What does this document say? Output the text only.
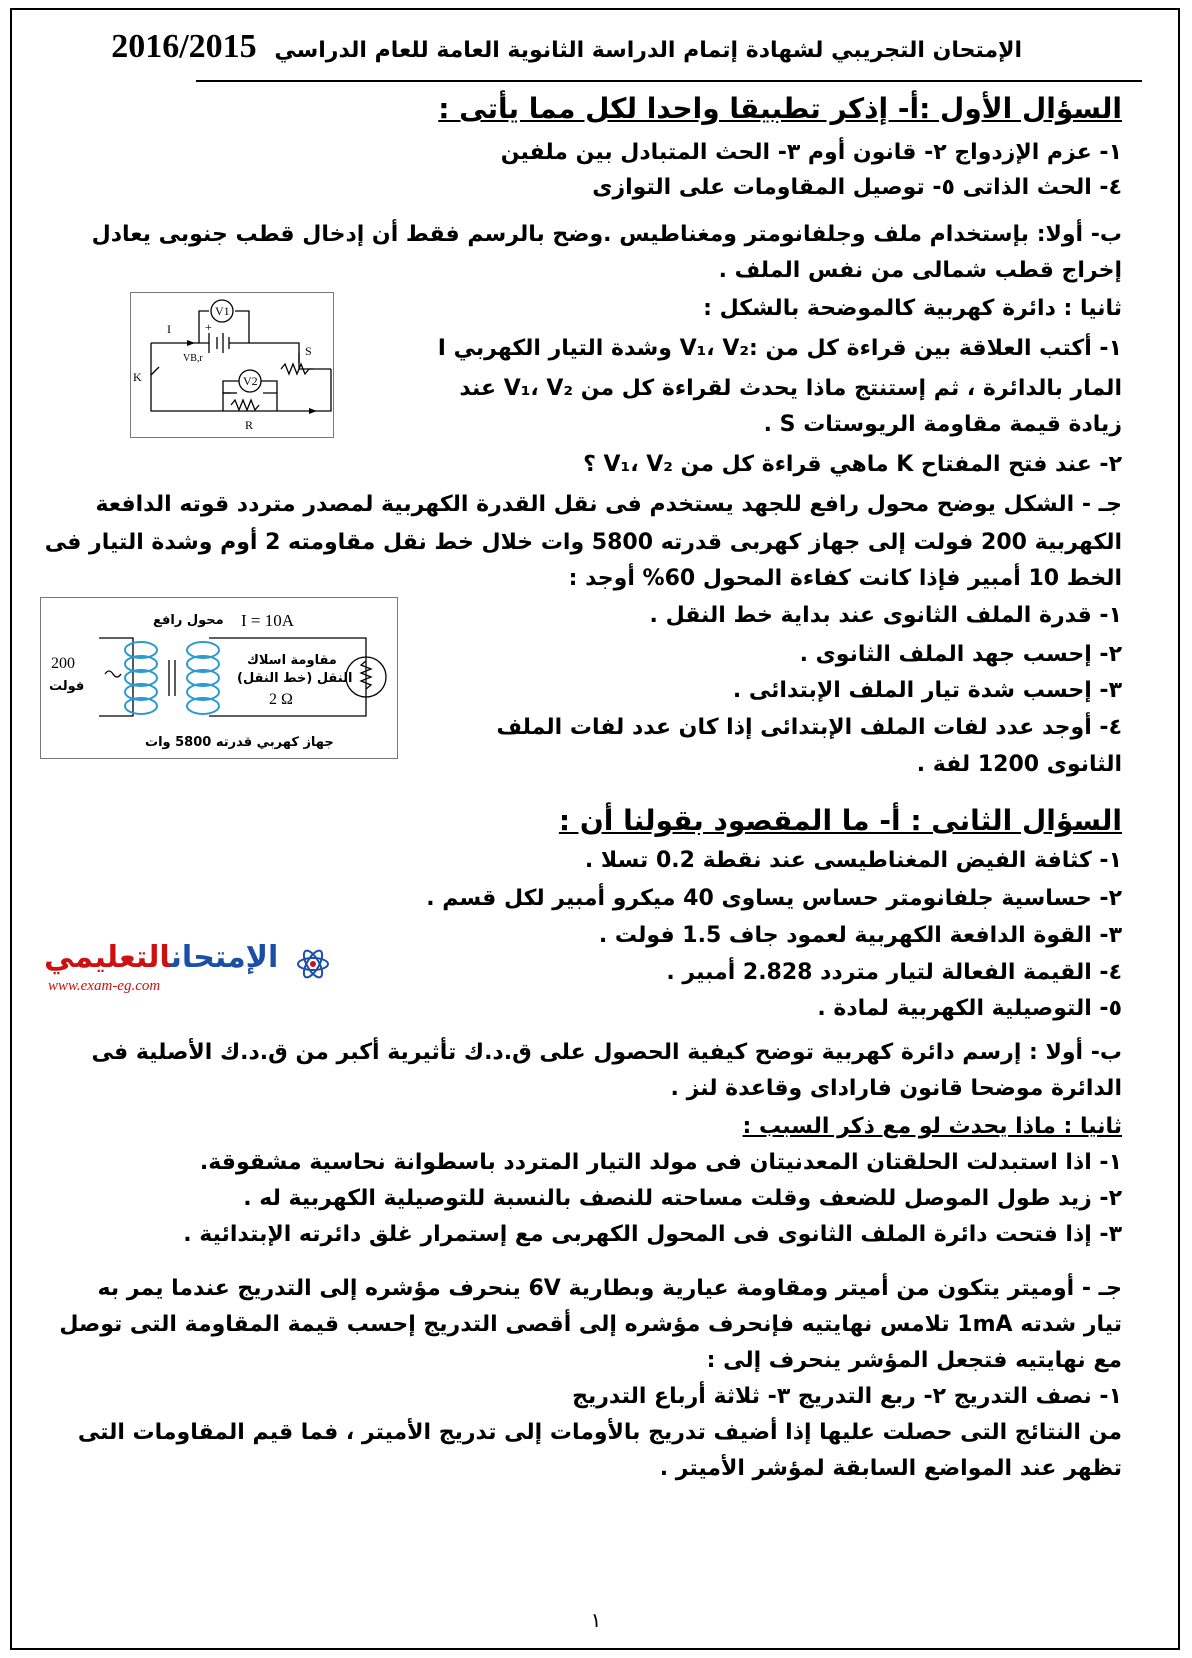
الإمتحان التجريبي لشهادة إتمام الدراسة الثانوية العامة للعام الدراسي 2016/2015
السؤال الأول :أ- إذكر تطبيقا واحدا لكل مما يأتى :
١- عزم الإزدواج ٢- قانون أوم ٣- الحث المتبادل بين ملفين
٤- الحث الذاتى ٥- توصيل المقاومات على التوازى
ب- أولا: بإستخدام ملف وجلفانومتر ومغناطيس .وضح بالرسم فقط أن إدخال قطب جنوبى يعادل
إخراج قطب شمالى من نفس الملف .
ثانيا : دائرة كهربية كالموضحة بالشكل :
١- أكتب العلاقة بين قراءة كل من :V₁، V₂ وشدة التيار الكهربي I
المار بالدائرة ، ثم إستنتج ماذا يحدث لقراءة كل من V₁، V₂ عند
زيادة قيمة مقاومة الريوستات S .
٢- عند فتح المفتاح K ماهي قراءة كل من V₁، V₂ ؟
جـ - الشكل يوضح محول رافع للجهد يستخدم فى نقل القدرة الكهربية لمصدر متردد قوته الدافعة
الكهربية 200 فولت إلى جهاز كهربى قدرته 5800 وات خلال خط نقل مقاومته 2 أوم وشدة التيار فى
الخط 10 أمبير فإذا كانت كفاءة المحول 60% أوجد :
١- قدرة الملف الثانوى عند بداية خط النقل .
٢- إحسب جهد الملف الثانوى .
٣- إحسب شدة تيار الملف الإبتدائى .
٤- أوجد عدد لفات الملف الإبتدائى إذا كان عدد لفات الملف
الثانوى 1200 لفة .
السؤال الثانى : أ- ما المقصود بقولنا أن :
١- كثافة الفيض المغناطيسى عند نقطة 0.2 تسلا .
٢- حساسية جلفانومتر حساس يساوى 40 ميكرو أمبير لكل قسم .
٣- القوة الدافعة الكهربية لعمود جاف 1.5 فولت .
٤- القيمة الفعالة لتيار متردد 2.828 أمبير .
٥- التوصيلية الكهربية لمادة .
ب- أولا : إرسم دائرة كهربية توضح كيفية الحصول على ق.د.ك تأثيرية أكبر من ق.د.ك الأصلية فى
الدائرة موضحا قانون فاراداى وقاعدة لنز .
ثانيا : ماذا يحدث لو مع ذكر السبب :
١- اذا استبدلت الحلقتان المعدنيتان فى مولد التيار المتردد باسطوانة نحاسية مشقوقة.
٢- زيد طول الموصل للضعف وقلت مساحته للنصف بالنسبة للتوصيلية الكهربية له .
٣- إذا فتحت دائرة الملف الثانوى فى المحول الكهربى مع إستمرار غلق دائرته الإبتدائية .
جـ - أوميتر يتكون من أميتر ومقاومة عيارية وبطارية 6V ينحرف مؤشره إلى التدريج عندما يمر به
تيار شدته 1mA تلامس نهايتيه فإنحرف مؤشره إلى أقصى التدريج إحسب قيمة المقاومة التى توصل
مع نهايتيه فتجعل المؤشر ينحرف إلى :
١- نصف التدريج ٢- ربع التدريج ٣- ثلاثة أرباع التدريج
من النتائج التى حصلت عليها إذا أضيف تدريج بالأومات إلى تدريج الأميتر ، فما قيم المقاومات التى
تظهر عند المواضع السابقة لمؤشر الأميتر .
V1
V2
VB,r
I	+
S
K
R
محول رافع I = 10A
200
فولت
مقاومة اسلاك
النقل (خط النقل)
2 Ω
جهاز كهربي قدرته 5800 وات
الإمتحانالتعليمي
www.exam-eg.com
١
